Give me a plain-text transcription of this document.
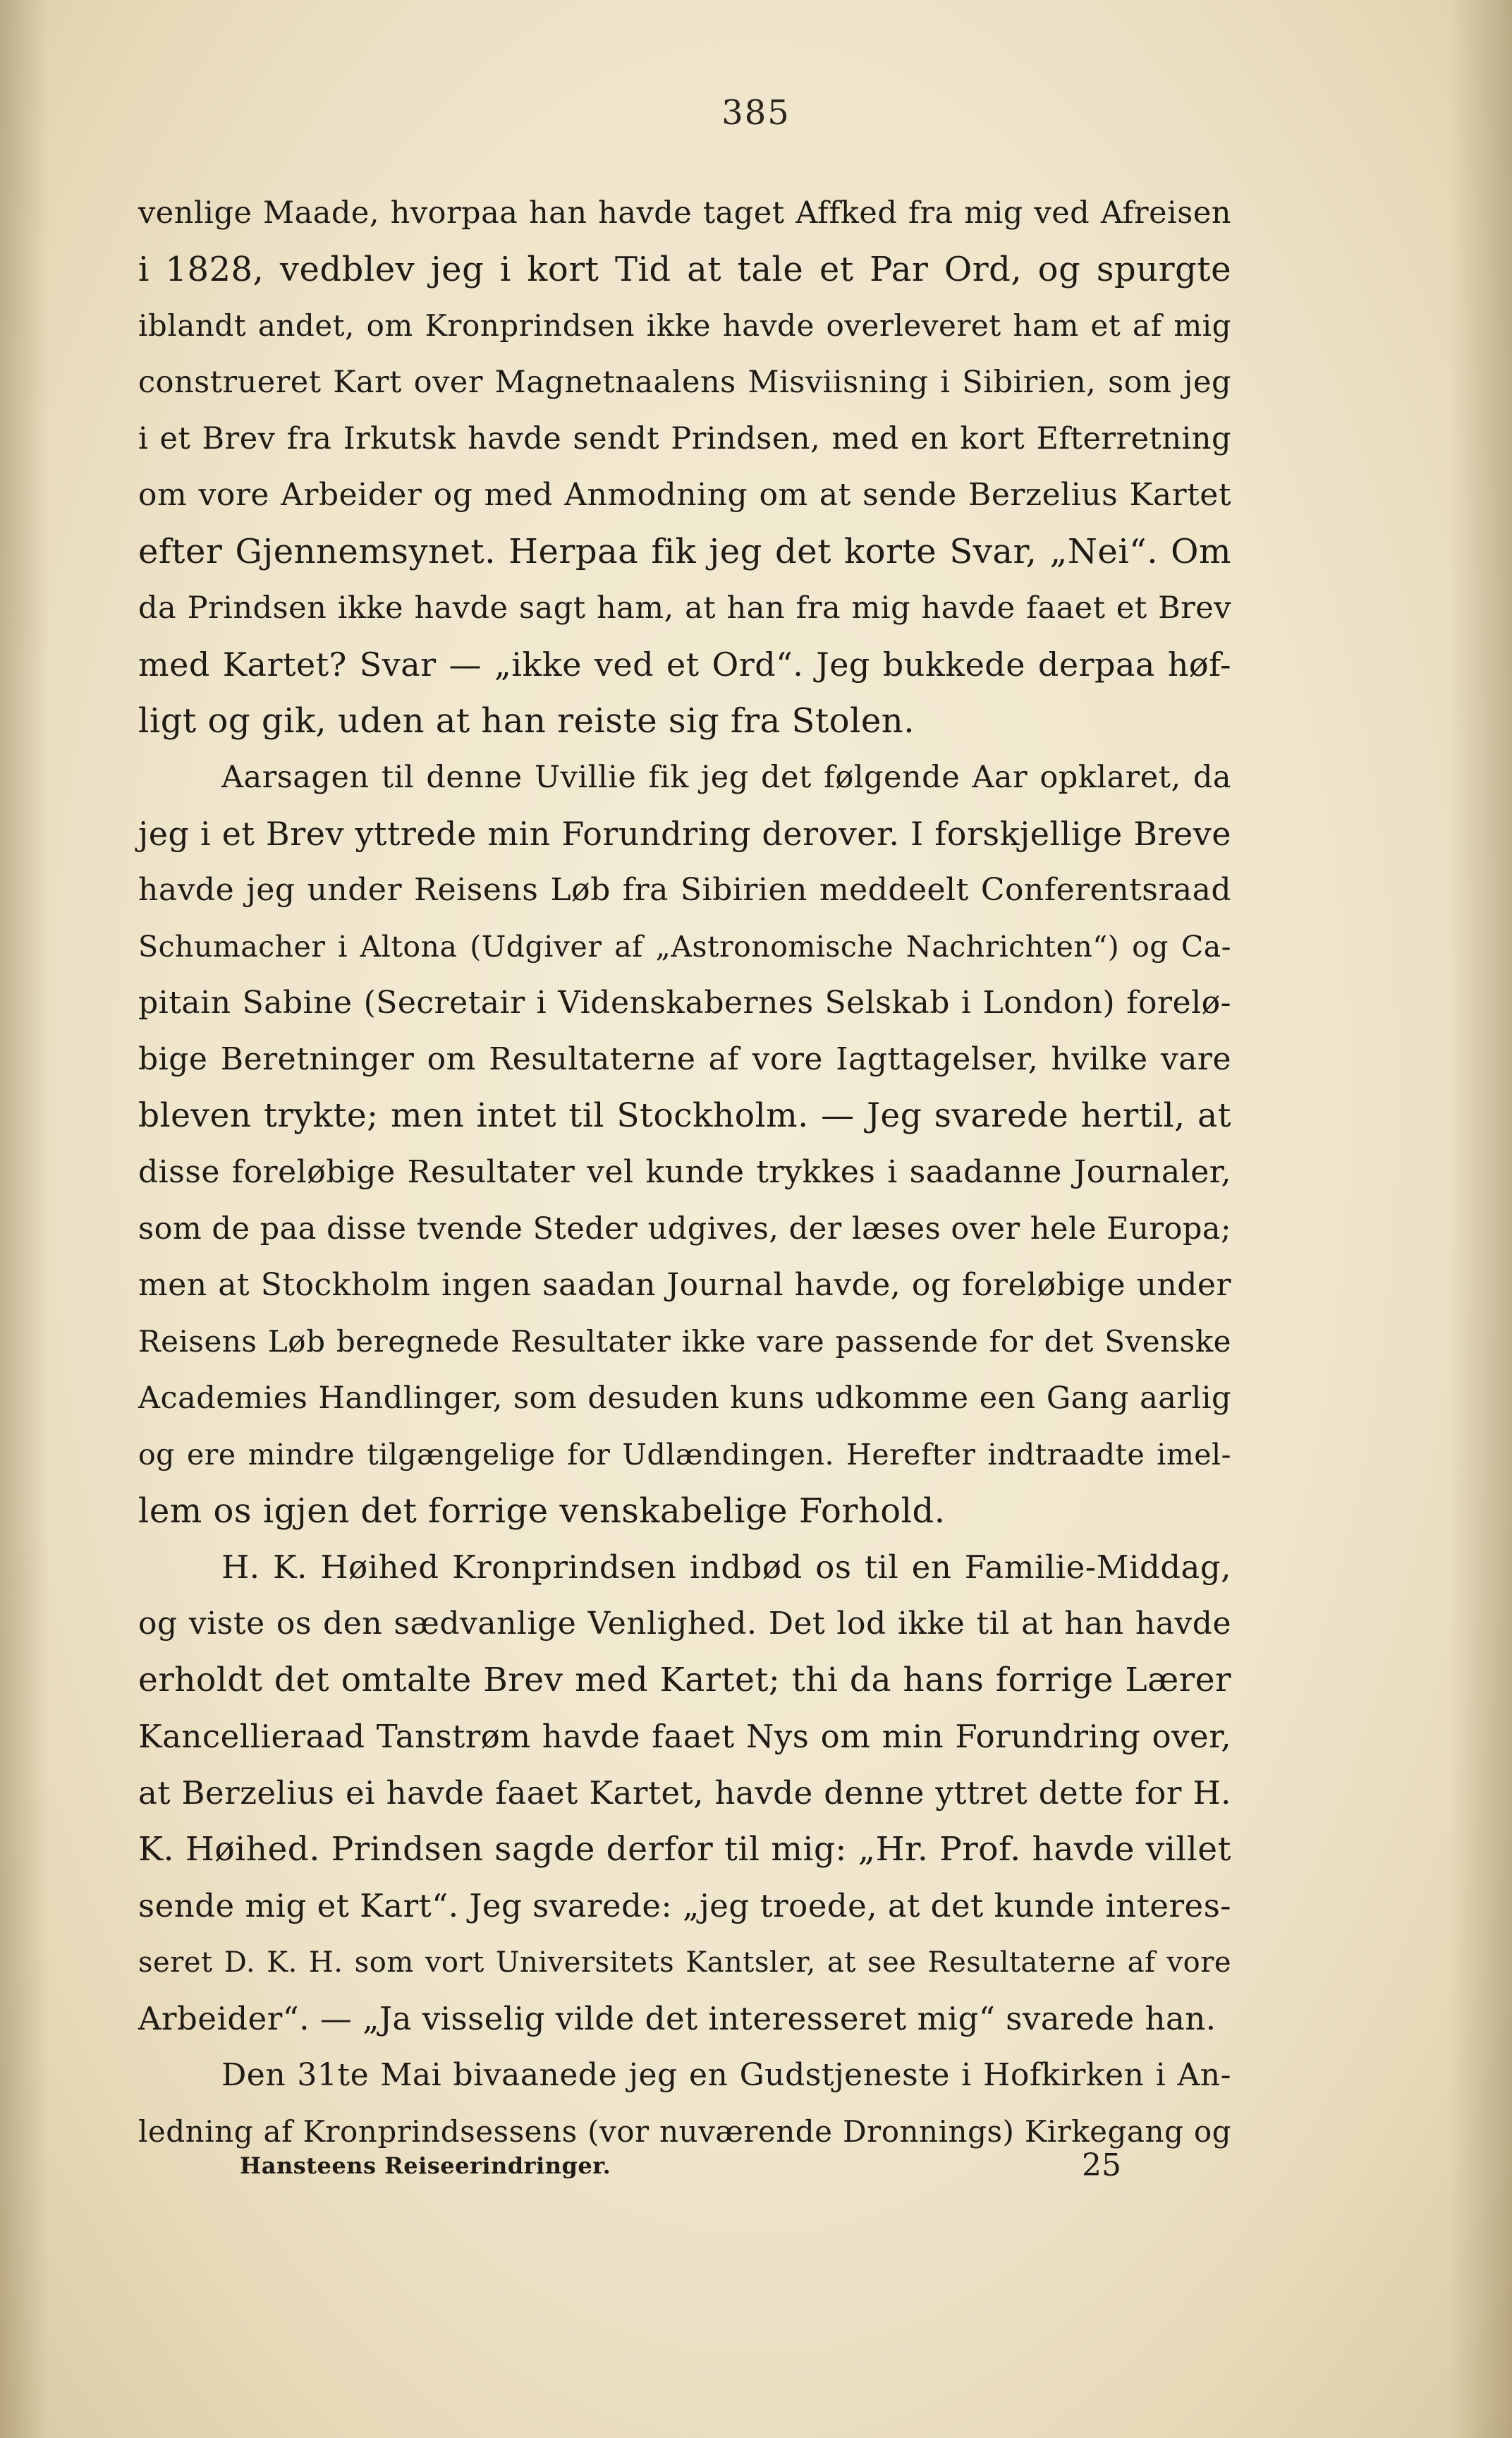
385
venlige Maade, hvorpaa han havde taget Affked fra mig ved Afreisen
i 1828, vedblev jeg i kort Tid at tale et Par Ord, og spurgte
iblandt andet, om Kronprindsen ikke havde overleveret ham et af mig
construeret Kart over Magnetnaalens Misviisning i Sibirien, som jeg
i et Brev fra Irkutsk havde sendt Prindsen, med en kort Efterretning
om vore Arbeider og med Anmodning om at sende Berzelius Kartet
efter Gjennemsynet. Herpaa fik jeg det korte Svar, „Nei“. Om
da Prindsen ikke havde sagt ham, at han fra mig havde faaet et Brev
med Kartet? Svar — „ikke ved et Ord“. Jeg bukkede derpaa høf-
ligt og gik, uden at han reiste sig fra Stolen.
Aarsagen til denne Uvillie fik jeg det følgende Aar opklaret, da
jeg i et Brev yttrede min Forundring derover. I forskjellige Breve
havde jeg under Reisens Løb fra Sibirien meddeelt Conferentsraad
Schumacher i Altona (Udgiver af „Astronomische Nachrichten“) og Ca-
pitain Sabine (Secretair i Videnskabernes Selskab i London) forelø-
bige Beretninger om Resultaterne af vore Iagttagelser, hvilke vare
bleven trykte; men intet til Stockholm. — Jeg svarede hertil, at
disse foreløbige Resultater vel kunde trykkes i saadanne Journaler,
som de paa disse tvende Steder udgives, der læses over hele Europa;
men at Stockholm ingen saadan Journal havde, og foreløbige under
Reisens Løb beregnede Resultater ikke vare passende for det Svenske
Academies Handlinger, som desuden kuns udkomme een Gang aarlig
og ere mindre tilgængelige for Udlændingen. Herefter indtraadte imel-
lem os igjen det forrige venskabelige Forhold.
H. K. Høihed Kronprindsen indbød os til en Familie-Middag,
og viste os den sædvanlige Venlighed. Det lod ikke til at han havde
erholdt det omtalte Brev med Kartet; thi da hans forrige Lærer
Kancellieraad Tanstrøm havde faaet Nys om min Forundring over,
at Berzelius ei havde faaet Kartet, havde denne yttret dette for H.
K. Høihed. Prindsen sagde derfor til mig: „Hr. Prof. havde villet
sende mig et Kart“. Jeg svarede: „jeg troede, at det kunde interes-
seret D. K. H. som vort Universitets Kantsler, at see Resultaterne af vore
Arbeider“. — „Ja visselig vilde det interesseret mig“ svarede han.
Den 31te Mai bivaanede jeg en Gudstjeneste i Hofkirken i An-
ledning af Kronprindsessens (vor nuværende Dronnings) Kirkegang og
Hansteens Reiseerindringer.	25
